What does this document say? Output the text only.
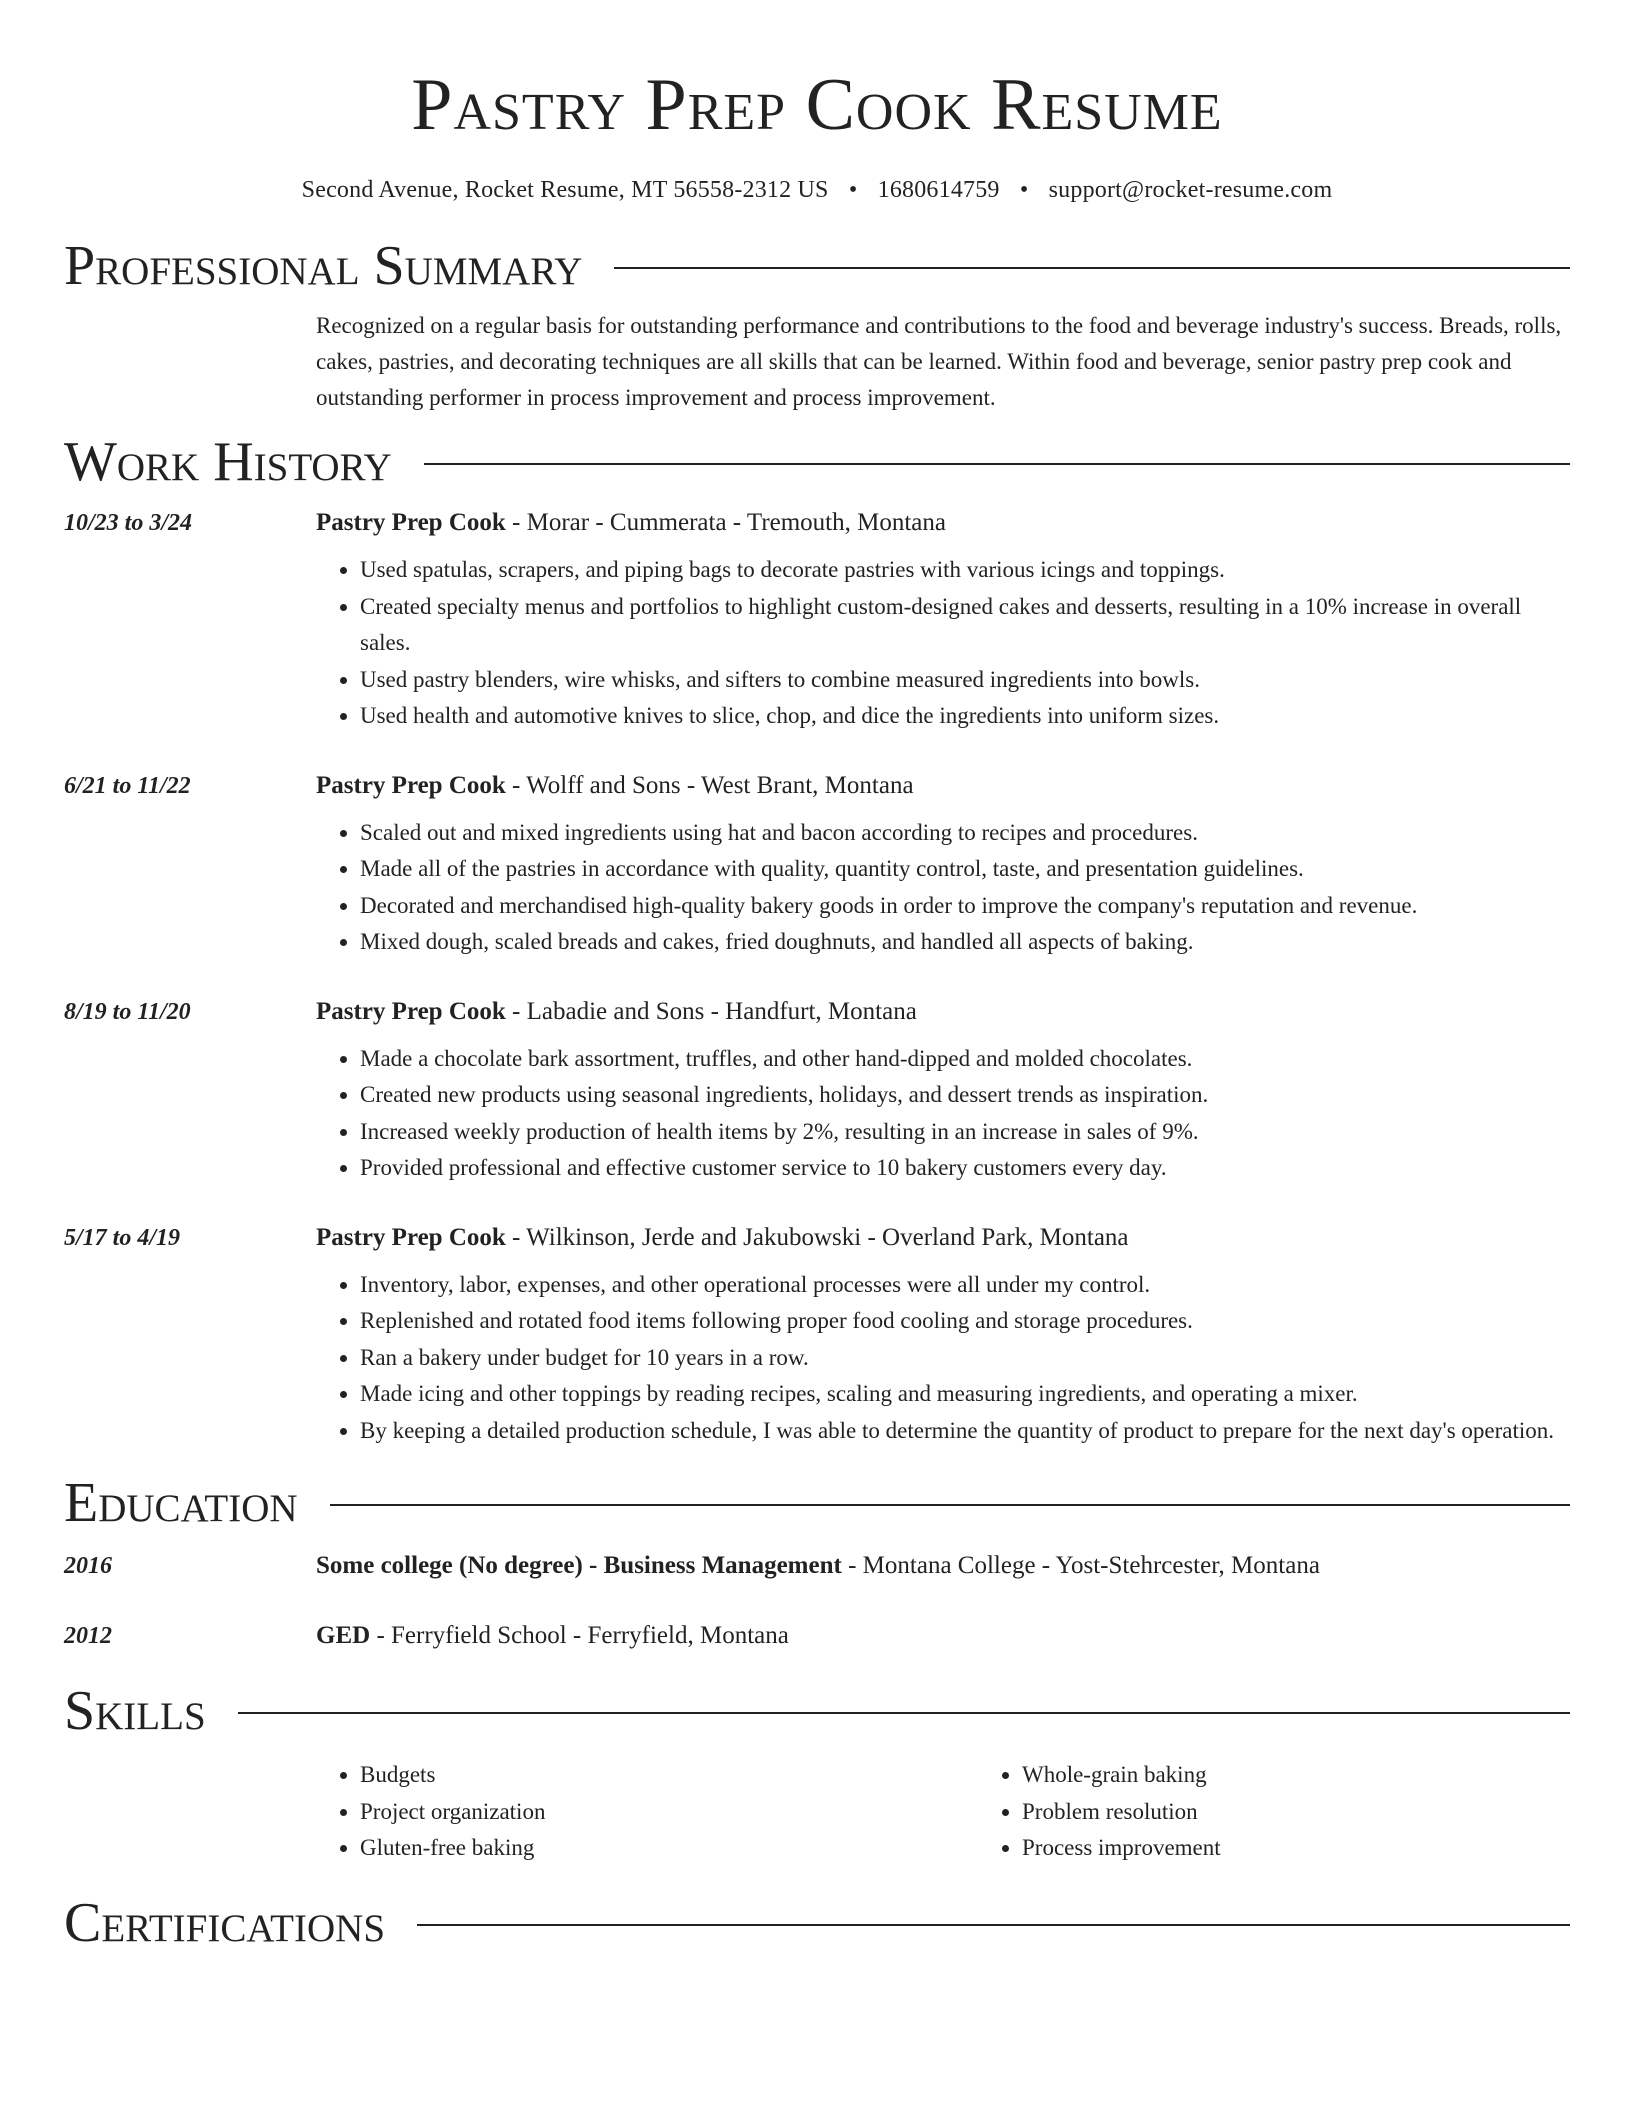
Pastry Prep Cook Resume
Second Avenue, Rocket Resume, MT 56558-2312 US • 1680614759 • support@rocket-resume.com
Professional Summary
Recognized on a regular basis for outstanding performance and contributions to the food and beverage industry's success. Breads, rolls, cakes, pastries, and decorating techniques are all skills that can be learned. Within food and beverage, senior pastry prep cook and outstanding performer in process improvement and process improvement.
Work History
10/23 to 3/24	Pastry Prep Cook - Morar - Cummerata - Tremouth, Montana
• Used spatulas, scrapers, and piping bags to decorate pastries with various icings and toppings.
• Created specialty menus and portfolios to highlight custom-designed cakes and desserts, resulting in a 10% increase in overall sales.
• Used pastry blenders, wire whisks, and sifters to combine measured ingredients into bowls.
• Used health and automotive knives to slice, chop, and dice the ingredients into uniform sizes.
6/21 to 11/22	Pastry Prep Cook - Wolff and Sons - West Brant, Montana
• Scaled out and mixed ingredients using hat and bacon according to recipes and procedures.
• Made all of the pastries in accordance with quality, quantity control, taste, and presentation guidelines.
• Decorated and merchandised high-quality bakery goods in order to improve the company's reputation and revenue.
• Mixed dough, scaled breads and cakes, fried doughnuts, and handled all aspects of baking.
8/19 to 11/20	Pastry Prep Cook - Labadie and Sons - Handfurt, Montana
• Made a chocolate bark assortment, truffles, and other hand-dipped and molded chocolates.
• Created new products using seasonal ingredients, holidays, and dessert trends as inspiration.
• Increased weekly production of health items by 2%, resulting in an increase in sales of 9%.
• Provided professional and effective customer service to 10 bakery customers every day.
5/17 to 4/19	Pastry Prep Cook - Wilkinson, Jerde and Jakubowski - Overland Park, Montana
• Inventory, labor, expenses, and other operational processes were all under my control.
• Replenished and rotated food items following proper food cooling and storage procedures.
• Ran a bakery under budget for 10 years in a row.
• Made icing and other toppings by reading recipes, scaling and measuring ingredients, and operating a mixer.
• By keeping a detailed production schedule, I was able to determine the quantity of product to prepare for the next day's operation.
Education
2016	Some college (No degree) - Business Management - Montana College - Yost-Stehrcester, Montana
2012	GED - Ferryfield School - Ferryfield, Montana
Skills
• Budgets
• Project organization
• Gluten-free baking
• Whole-grain baking
• Problem resolution
• Process improvement
Certifications
